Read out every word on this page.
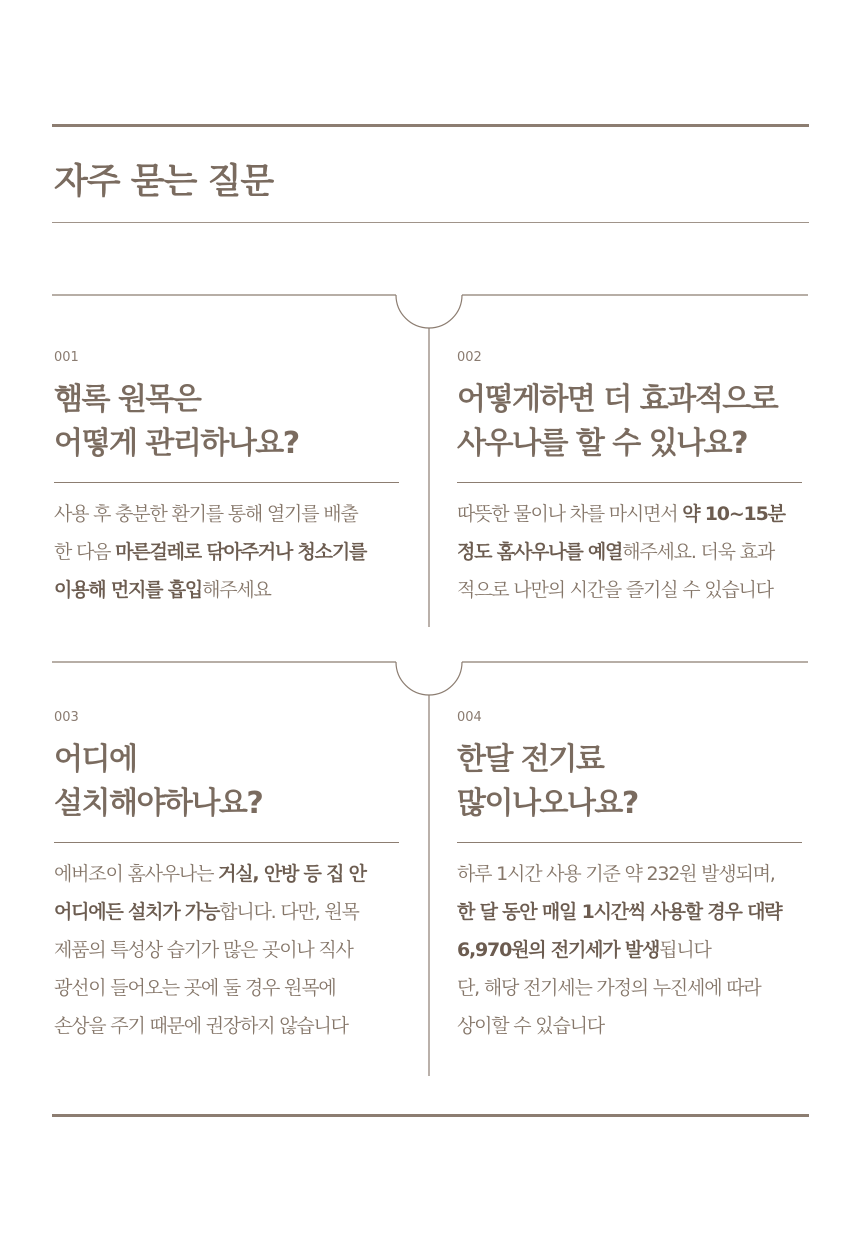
자주 묻는 질문

001

햄록 원목은
어떻게 관리하나요?
사용 후 충분한 환기를 통해 열기를 배출
한 다음 마른걸레로 닦아주거나 청소기를
이용해 먼지를 흡입해주세요

002

어떻게하면 더 효과적으로
사우나를 할 수 있나요?
따뜻한 물이나 차를 마시면서 약 10~15분
정도 홈사우나를 예열해주세요. 더욱 효과
적으로 나만의 시간을 즐기실 수 있습니다

003

어디에
설치해야하나요?
에버조이 홈사우나는 거실, 안방 등 집 안
어디에든 설치가 가능합니다. 다만, 원목
제품의 특성상 습기가 많은 곳이나 직사
광선이 들어오는 곳에 둘 경우 원목에
손상을 주기 때문에 권장하지 않습니다

004

한달 전기료
많이나오나요?
하루 1시간 사용 기준 약 232원 발생되며,
한 달 동안 매일 1시간씩 사용할 경우 대략
6,970원의 전기세가 발생됩니다
단, 해당 전기세는 가정의 누진세에 따라
상이할 수 있습니다
